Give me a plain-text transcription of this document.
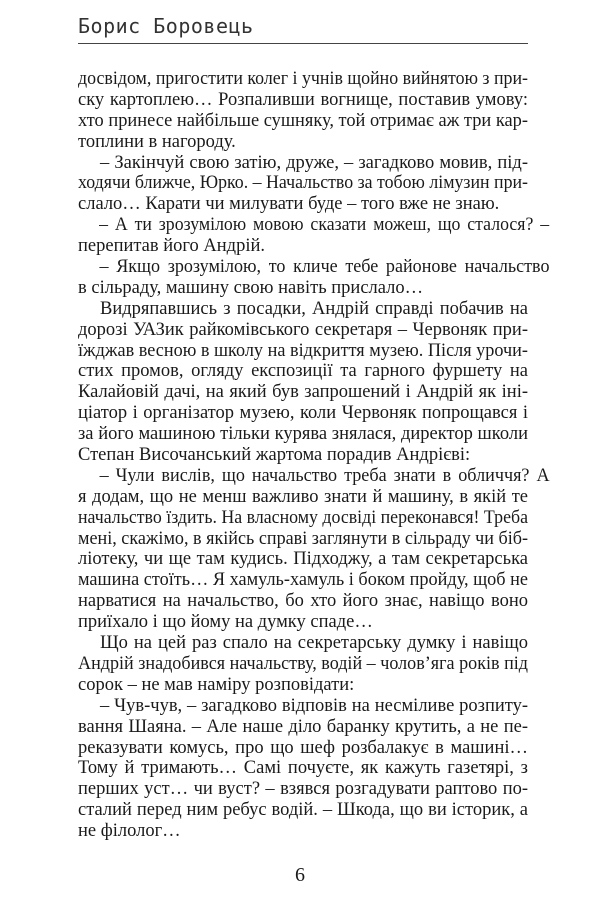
Борис Боровець
досвідом, пригостити колег і учнів щойно вийнятою з при-
ску картоплею… Розпаливши вогнище, поставив умову:
хто принесе найбільше сушняку, той отримає аж три кар-
топлини в нагороду.
– Закінчуй свою затію, друже, – загадково мовив, під-
ходячи ближче, Юрко. – Начальство за тобою лімузин при-
слало… Карати чи милувати буде – того вже не знаю.
– А ти зрозумілою мовою сказати можеш, що сталося? –
перепитав його Андрій.
– Якщо зрозумілою, то кличе тебе районове начальство
в сільраду, машину свою навіть прислало…
Видряпавшись з посадки, Андрій справді побачив на
дорозі УАЗик райкомівського секретаря – Червоняк при-
їжджав весною в школу на відкриття музею. Після урочи-
стих промов, огляду експозиції та гарного фуршету на
Калайовій дачі, на який був запрошений і Андрій як іні-
ціатор і організатор музею, коли Червоняк попрощався і
за його машиною тільки курява знялася, директор школи
Степан Височанський жартома порадив Андрієві:
– Чули вислів, що начальство треба знати в обличчя? А
я додам, що не менш важливо знати й машину, в якій те
начальство їздить. На власному досвіді переконався! Треба
мені, скажімо, в якійсь справі заглянути в сільраду чи біб-
ліотеку, чи ще там кудись. Підходжу, а там секретарська
машина стоїть… Я хамуль-хамуль і боком пройду, щоб не
нарватися на начальство, бо хто його знає, навіщо воно
приїхало і що йому на думку спаде…
Що на цей раз спало на секретарську думку і навіщо
Андрій знадобився начальству, водій – чолов’яга років під
сорок – не мав наміру розповідати:
– Чув-чув, – загадково відповів на несміливе розпиту-
вання Шаяна. – Але наше діло баранку крутить, а не пе-
реказувати комусь, про що шеф розбалакує в машині…
Тому й тримають… Самі почуєте, як кажуть газетярі, з
перших уст… чи вуст? – взявся розгадувати раптово по-
сталий перед ним ребус водій. – Шкода, що ви історик, а
не філолог…
6
